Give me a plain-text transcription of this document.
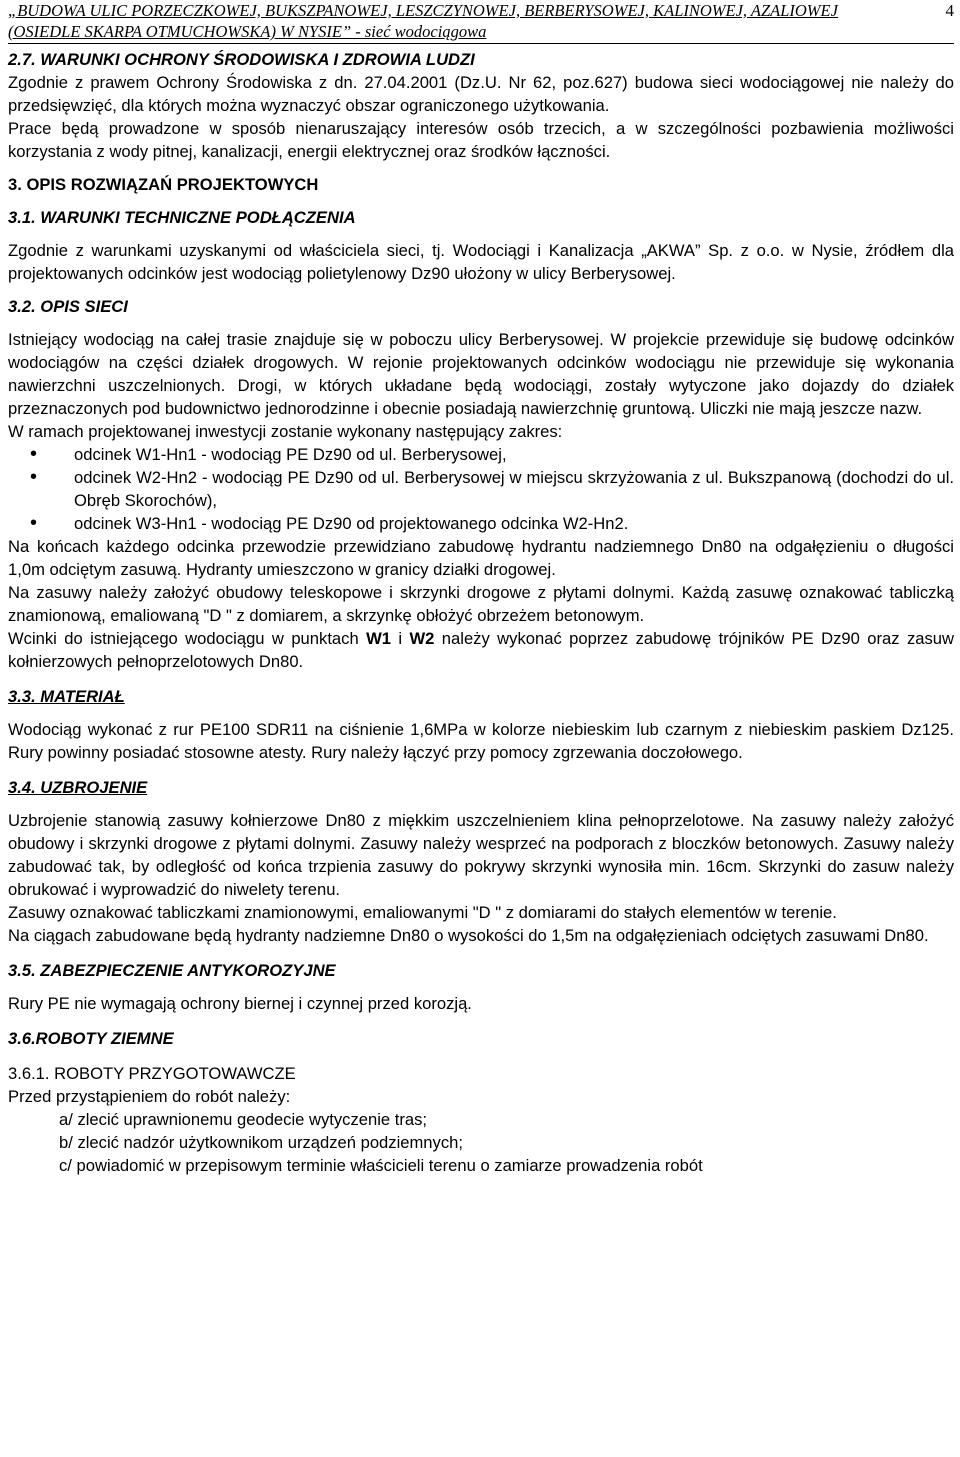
„BUDOWA ULIC PORZECZKOWEJ, BUKSZPANOWEJ, LESZCZYNOWEJ, BERBERYSOWEJ, KALINOWEJ, AZALIOWEJ
(OSIEDLE SKARPA OTMUCHOWSKA) W NYSIE” - sieć wodociągowa
4

2.7. WARUNKI OCHRONY ŚRODOWISKA I ZDROWIA LUDZI

Zgodnie z prawem Ochrony Środowiska z dn. 27.04.2001 (Dz.U. Nr 62, poz.627) budowa sieci wodociągowej nie należy do przedsięwzięć, dla których można wyznaczyć obszar ograniczonego użytkowania.

Prace będą prowadzone w sposób nienaruszający interesów osób trzecich, a w szczególności pozbawienia możliwości korzystania z wody pitnej, kanalizacji, energii elektrycznej oraz środków łączności.

3. OPIS ROZWIĄZAŃ PROJEKTOWYCH

3.1. WARUNKI TECHNICZNE PODŁĄCZENIA

Zgodnie z warunkami uzyskanymi od właściciela sieci, tj. Wodociągi i Kanalizacja „AKWA” Sp. z o.o. w Nysie, źródłem dla projektowanych odcinków jest wodociąg polietylenowy Dz90 ułożony w ulicy Berberysowej.

3.2. OPIS SIECI

Istniejący wodociąg na całej trasie znajduje się w poboczu ulicy Berberysowej. W projekcie przewiduje się budowę odcinków wodociągów na części działek drogowych. W rejonie projektowanych odcinków wodociągu nie przewiduje się wykonania nawierzchni uszczelnionych. Drogi, w których układane będą wodociągi, zostały wytyczone jako dojazdy do działek przeznaczonych pod budownictwo jednorodzinne i obecnie posiadają nawierzchnię gruntową. Uliczki nie mają jeszcze nazw.

W ramach projektowanej inwestycji zostanie wykonany następujący zakres:

• odcinek W1-Hn1 - wodociąg PE Dz90 od ul. Berberysowej,
• odcinek W2-Hn2 - wodociąg PE Dz90 od ul. Berberysowej w miejscu skrzyżowania z ul. Bukszpanową (dochodzi do ul. Obręb Skorochów),
• odcinek W3-Hn1 - wodociąg PE Dz90 od projektowanego odcinka W2-Hn2.

Na końcach każdego odcinka przewodzie przewidziano zabudowę hydrantu nadziemnego Dn80 na odgałęzieniu o długości 1,0m odciętym zasuwą. Hydranty umieszczono w granicy działki drogowej.

Na zasuwy należy założyć obudowy teleskopowe i skrzynki drogowe z płytami dolnymi. Każdą zasuwę oznakować tabliczką znamionową, emaliowaną "D " z domiarem, a skrzynkę obłożyć obrzeżem betonowym.

Wcinki do istniejącego wodociągu w punktach W1 i W2 należy wykonać poprzez zabudowę trójników PE Dz90 oraz zasuw kołnierzowych pełnoprzelotowych Dn80.

3.3. MATERIAŁ

Wodociąg wykonać z rur PE100 SDR11 na ciśnienie 1,6MPa w kolorze niebieskim lub czarnym z niebieskim paskiem Dz125. Rury powinny posiadać stosowne atesty. Rury należy łączyć przy pomocy zgrzewania doczołowego.

3.4. UZBROJENIE

Uzbrojenie stanowią zasuwy kołnierzowe Dn80 z miękkim uszczelnieniem klina pełnoprzelotowe. Na zasuwy należy założyć obudowy i skrzynki drogowe z płytami dolnymi. Zasuwy należy wesprzeć na podporach z bloczków betonowych. Zasuwy należy zabudować tak, by odległość od końca trzpienia zasuwy do pokrywy skrzynki wynosiła min. 16cm. Skrzynki do zasuw należy obrukować i wyprowadzić do niwelety terenu.

Zasuwy oznakować tabliczkami znamionowymi, emaliowanymi "D " z domiarami do stałych elementów w terenie.

Na ciągach zabudowane będą hydranty nadziemne Dn80 o wysokości do 1,5m na odgałęzieniach odciętych zasuwami Dn80.

3.5. ZABEZPIECZENIE ANTYKOROZYJNE

Rury PE nie wymagają ochrony biernej i czynnej przed korozją.

3.6.ROBOTY ZIEMNE

3.6.1. ROBOTY PRZYGOTOWAWCZE

Przed przystąpieniem do robót należy:

a/ zlecić uprawnionemu geodecie wytyczenie tras;

b/ zlecić nadzór użytkownikom urządzeń podziemnych;

c/ powiadomić w przepisowym terminie właścicieli terenu o zamiarze prowadzenia robót
